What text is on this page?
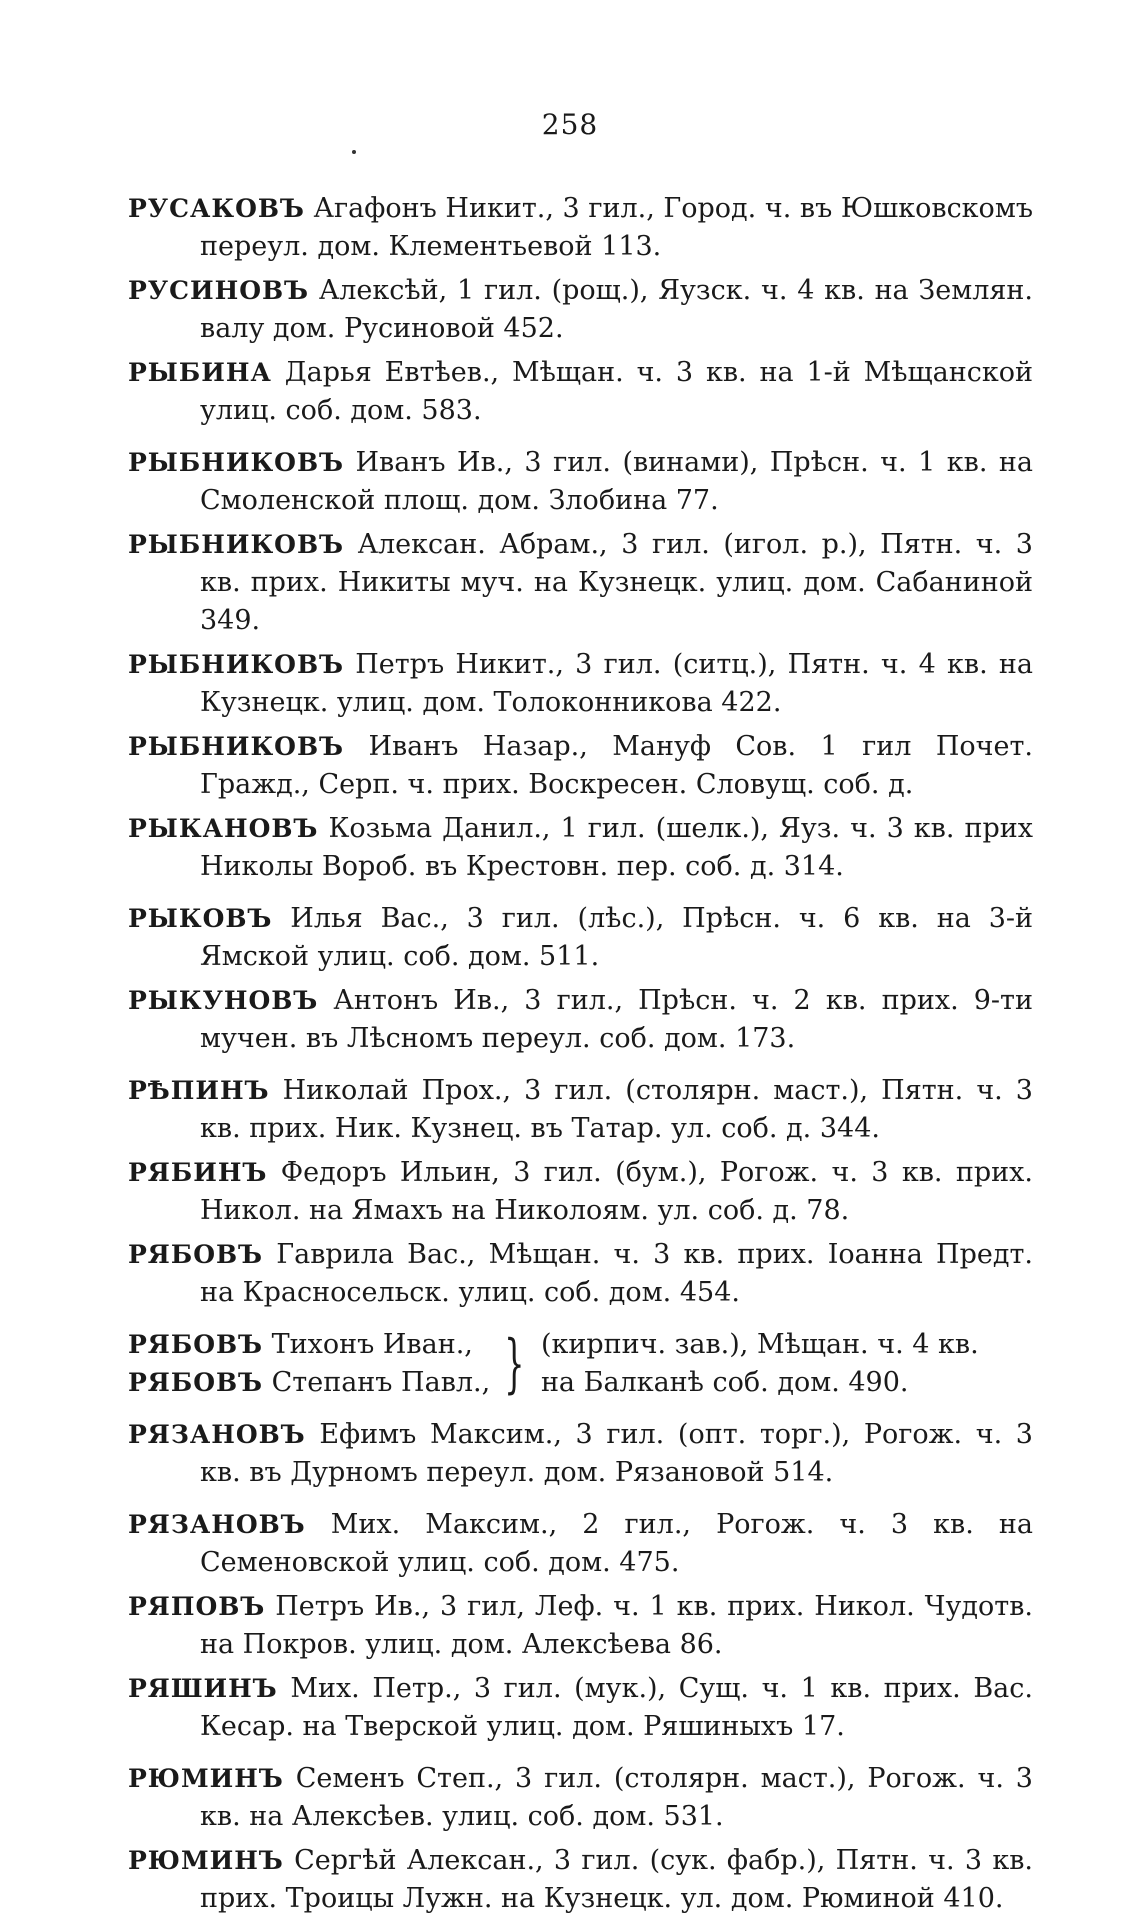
258
РУСАКОВЪ Агафонъ Никит., 3 гил., Город. ч. въ Юшковскомъ переул. дом. Клементьевой 113.
РУСИНОВЪ Алексѣй, 1 гил. (рощ.), Яузск. ч. 4 кв. на Землян. валу дом. Русиновой 452.
РЫБИНА Дарья Евтѣев., Мѣщан. ч. 3 кв. на 1-й Мѣщанской улиц. соб. дом. 583.
РЫБНИКОВЪ Иванъ Ив., 3 гил. (винами), Прѣсн. ч. 1 кв. на Смоленской площ. дом. Злобина 77.
РЫБНИКОВЪ Алексан. Абрам., 3 гил. (игол. р.), Пятн. ч. 3 кв. прих. Никиты муч. на Кузнецк. улиц. дом. Сабаниной 349.
РЫБНИКОВЪ Петръ Никит., 3 гил. (ситц.), Пятн. ч. 4 кв. на Кузнецк. улиц. дом. Толоконникова 422.
РЫБНИКОВЪ Иванъ Назар., Мануф Сов. 1 гил Почет. Гражд., Серп. ч. прих. Воскресен. Словущ. соб. д.
РЫКАНОВЪ Козьма Данил., 1 гил. (шелк.), Яуз. ч. 3 кв. прих Николы Вороб. въ Крестовн. пер. соб. д. 314.
РЫКОВЪ Илья Вас., 3 гил. (лѣс.), Прѣсн. ч. 6 кв. на 3-й Ямской улиц. соб. дом. 511.
РЫКУНОВЪ Антонъ Ив., 3 гил., Прѣсн. ч. 2 кв. прих. 9-ти мучен. въ Лѣсномъ переул. соб. дом. 173.
РѢПИНЪ Николай Прох., 3 гил. (столярн. маст.), Пятн. ч. 3 кв. прих. Ник. Кузнец. въ Татар. ул. соб. д. 344.
РЯБИНЪ Федоръ Ильин, 3 гил. (бум.), Рогож. ч. 3 кв. прих. Никол. на Ямахъ на Николоям. ул. соб. д. 78.
РЯБОВЪ Гаврила Вас., Мѣщан. ч. 3 кв. прих. Іоанна Предт. на Красносельск. улиц. соб. дом. 454.
РЯБОВЪ Тихонъ Иван.,
РЯБОВЪ Степанъ Павл., } (кирпич. зав.), Мѣщан. ч. 4 кв.
на Балканѣ соб. дом. 490.
РЯЗАНОВЪ Ефимъ Максим., 3 гил. (опт. торг.), Рогож. ч. 3 кв. въ Дурномъ переул. дом. Рязановой 514.
РЯЗАНОВЪ Мих. Максим., 2 гил., Рогож. ч. 3 кв. на Семеновской улиц. соб. дом. 475.
РЯПОВЪ Петръ Ив., 3 гил, Леф. ч. 1 кв. прих. Никол. Чудотв. на Покров. улиц. дом. Алексѣева 86.
РЯШИНЪ Мих. Петр., 3 гил. (мук.), Сущ. ч. 1 кв. прих. Вас. Кесар. на Тверской улиц. дом. Ряшиныхъ 17.
РЮМИНЪ Семенъ Степ., 3 гил. (столярн. маст.), Рогож. ч. 3 кв. на Алексѣев. улиц. соб. дом. 531.
РЮМИНЪ Сергѣй Алексан., 3 гил. (сук. фабр.), Пятн. ч. 3 кв. прих. Троицы Лужн. на Кузнецк. ул. дом. Рюминой 410.
